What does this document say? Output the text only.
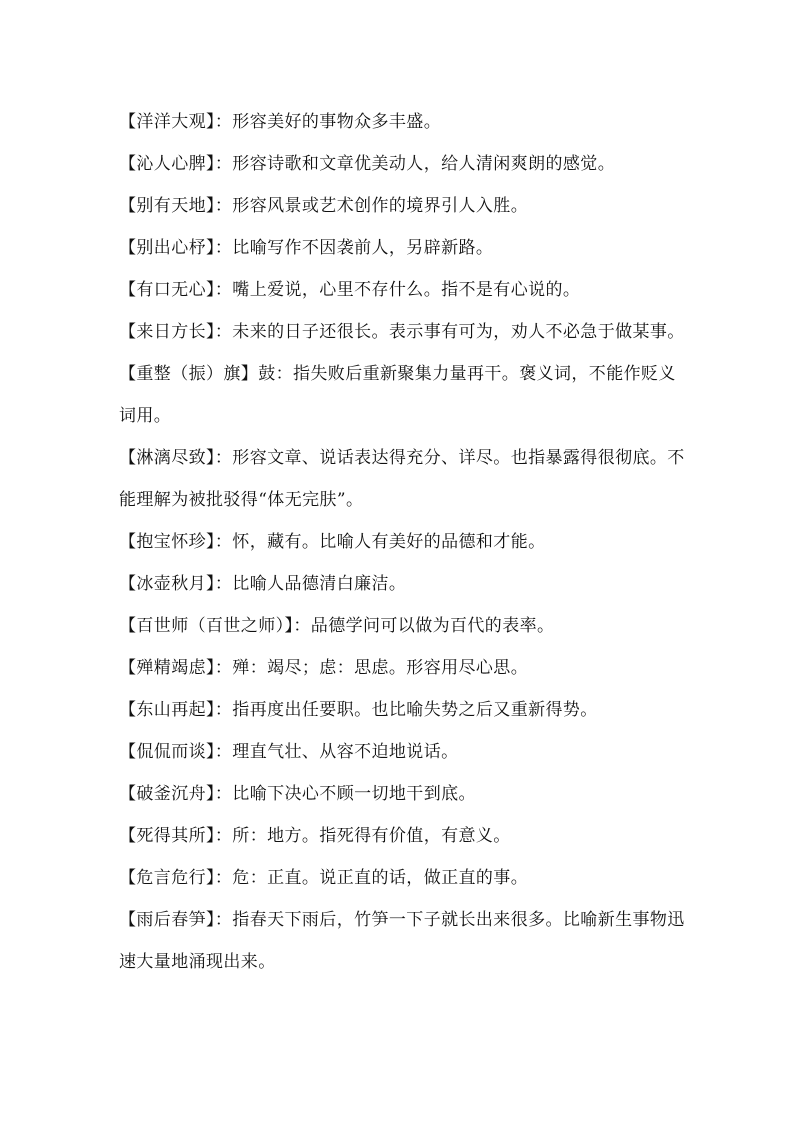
【洋洋大观】：形容美好的事物众多丰盛。

【沁人心脾】：形容诗歌和文章优美动人，给人清闲爽朗的感觉。

【别有天地】：形容风景或艺术创作的境界引人入胜。

【别出心杼】：比喻写作不因袭前人，另辟新路。

【有口无心】：嘴上爱说，心里不存什么。指不是有心说的。

【来日方长】：未来的日子还很长。表示事有可为，劝人不必急于做某事。

【重整（振）旗】鼓：指失败后重新聚集力量再干。褒义词，不能作贬义词用。

【淋漓尽致】：形容文章、说话表达得充分、详尽。也指暴露得很彻底。不能理解为被批驳得“体无完肤”。

【抱宝怀珍】：怀，藏有。比喻人有美好的品德和才能。

【冰壶秋月】：比喻人品德清白廉洁。

【百世师（百世之师）】：品德学问可以做为百代的表率。

【殚精竭虑】：殚：竭尽；虑：思虑。形容用尽心思。

【东山再起】：指再度出任要职。也比喻失势之后又重新得势。

【侃侃而谈】：理直气壮、从容不迫地说话。

【破釜沉舟】：比喻下决心不顾一切地干到底。

【死得其所】：所：地方。指死得有价值，有意义。

【危言危行】：危：正直。说正直的话，做正直的事。

【雨后春笋】：指春天下雨后，竹笋一下子就长出来很多。比喻新生事物迅速大量地涌现出来。
